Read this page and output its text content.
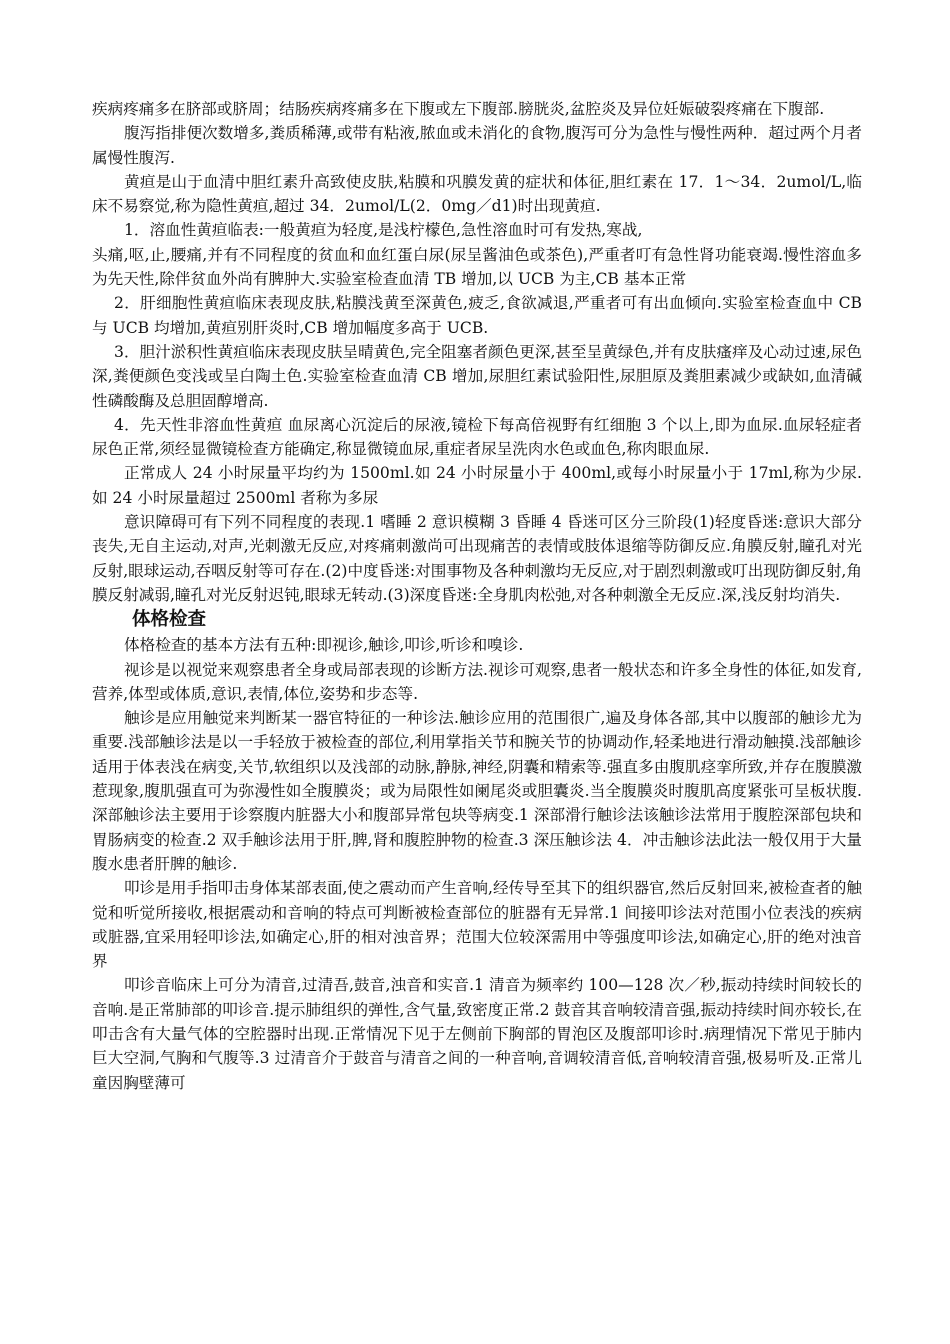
疾病疼痛多在脐部或脐周；结肠疾病疼痛多在下腹或左下腹部.膀胱炎,盆腔炎及异位妊娠破裂疼痛在下腹部.

腹泻指排便次数增多,粪质稀薄,或带有粘液,脓血或未消化的食物,腹泻可分为急性与慢性两种．超过两个月者属慢性腹泻.

黄疸是山于血清中胆红素升高致使皮肤,粘膜和巩膜发黄的症状和体征,胆红素在 17．1～34．2umol/L,临床不易察觉,称为隐性黄疸,超过 34．2umol/L(2．0mg／d1)时出现黄疸.

1．溶血性黄疸临表:一般黄疸为轻度,是浅柠檬色,急性溶血时可有发热,寒战,

头痛,呕,止,腰痛,并有不同程度的贫血和血红蛋白尿(尿呈酱油色或茶色),严重者叮有急性肾功能衰竭.慢性溶血多为先天性,除伴贫血外尚有脾肿大.实验室检查血清 TB 增加,以 UCB 为主,CB 基本正常

2．肝细胞性黄疸临床表现皮肤,粘膜浅黄至深黄色,疲乏,食欲减退,严重者可有出血倾向.实验室检查血中 CB 与 UCB 均增加,黄疸别肝炎时,CB 增加幅度多高于 UCB.

3．胆汁淤积性黄疸临床表现皮肤呈晴黄色,完全阻塞者颜色更深,甚至呈黄绿色,并有皮肤瘙痒及心动过速,尿色深,粪便颜色变浅或呈白陶土色.实验室检查血清 CB 增加,尿胆红素试验阳性,尿胆原及粪胆素减少或缺如,血清碱性磷酸酶及总胆固醇增高.

4．先天性非溶血性黄疸 血尿离心沉淀后的尿液,镜检下每高倍视野有红细胞 3 个以上,即为血尿.血尿轻症者尿色正常,须经显微镜检查方能确定,称显微镜血尿,重症者尿呈洗肉水色或血色,称肉眼血尿.

正常成人 24 小时尿量平均约为 1500ml.如 24 小时尿量小于 400ml,或每小时尿量小于 17ml,称为少尿.如 24 小时尿量超过 2500ml 者称为多尿

意识障碍可有下列不同程度的表现.1 嗜睡 2 意识模糊 3 昏睡 4 昏迷可区分三阶段(1)轻度昏迷:意识大部分丧失,无自主运动,对声,光刺激无反应,对疼痛刺激尚可出现痛苦的表情或肢体退缩等防御反应.角膜反射,瞳孔对光反射,眼球运动,吞咽反射等可存在.(2)中度昏迷:对围事物及各种刺激均无反应,对于剧烈刺激或叮出现防御反射,角膜反射减弱,瞳孔对光反射迟钝,眼球无转动.(3)深度昏迷:全身肌肉松弛,对各种刺激全无反应.深,浅反射均消失.

体格检查

体格检查的基本方法有五种:即视诊,触诊,叩诊,听诊和嗅诊.

视诊是以视觉来观察患者全身或局部表现的诊断方法.视诊可观察,患者一般状态和许多全身性的体征,如发育,营养,体型或体质,意识,表情,体位,姿势和步态等.

触诊是应用触觉来判断某一器官特征的一种诊法.触诊应用的范围很广,遍及身体各部,其中以腹部的触诊尤为重要.浅部触诊法是以一手轻放于被检查的部位,利用掌指关节和腕关节的协调动作,轻柔地进行滑动触摸.浅部触诊适用于体表浅在病变,关节,软组织以及浅部的动脉,静脉,神经,阴囊和精索等.强直多由腹肌痉挛所致,并存在腹膜激惹现象,腹肌强直可为弥漫性如全腹膜炎；或为局限性如阑尾炎或胆囊炎.当全腹膜炎时腹肌高度紧张可呈板状腹.深部触诊法主要用于诊察腹内脏器大小和腹部异常包块等病变.1 深部滑行触诊法该触诊法常用于腹腔深部包块和胃肠病变的检查.2 双手触诊法用于肝,脾,肾和腹腔肿物的检查.3 深压触诊法 4．冲击触诊法此法一般仅用于大量腹水患者肝脾的触诊.

叩诊是用手指叩击身体某部表面,使之震动而产生音响,经传导至其下的组织器官,然后反射回来,被检查者的触觉和听觉所接收,根据震动和音响的特点可判断被检查部位的脏器有无异常.1 间接叩诊法对范围小位表浅的疾病或脏器,宜采用轻叩诊法,如确定心,肝的相对浊音界；范围大位较深需用中等强度叩诊法,如确定心,肝的绝对浊音界

叩诊音临床上可分为清音,过清吾,鼓音,浊音和实音.1 清音为频率约 100—128 次／秒,振动持续时间较长的音响.是正常肺部的叩诊音.提示肺组织的弹性,含气量,致密度正常.2 鼓音其音响较清音强,振动持续时间亦较长,在叩击含有大量气体的空腔器时出现.正常情况下见于左侧前下胸部的胃泡区及腹部叩诊时.病理情况下常见于肺内巨大空洞,气胸和气腹等.3 过清音介于鼓音与清音之间的一种音响,音调较清音低,音响较清音强,极易听及.正常儿童因胸壁薄可
